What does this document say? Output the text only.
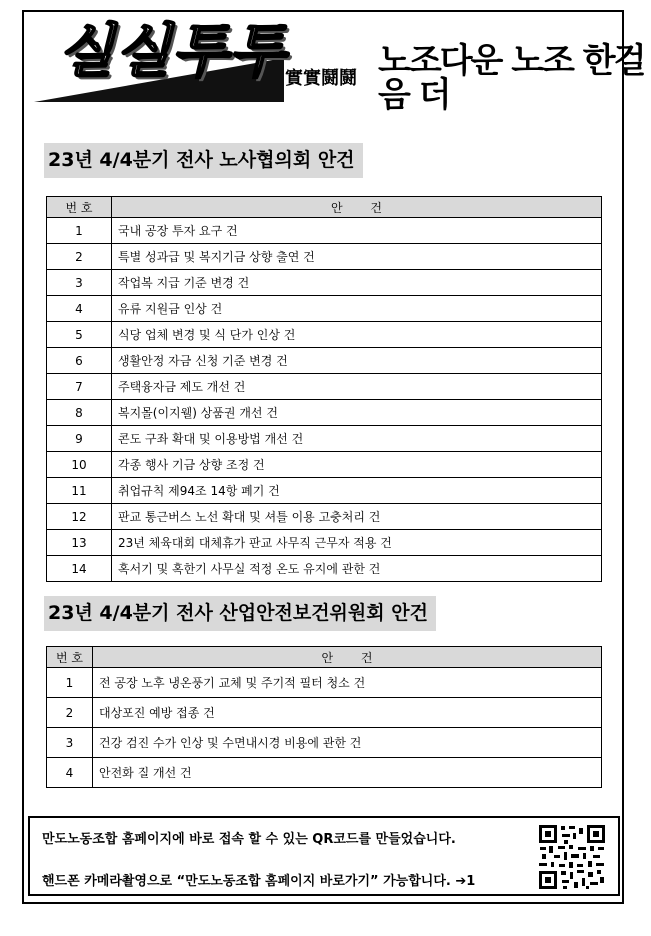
실실투투
實實鬪鬪 노조다운 노조 한걸음 더
23년 4/4분기 전사 노사협의회 안건
번 호	안 건
1	국내 공장 투자 요구 건
2	특별 성과급 및 복지기금 상향 출연 건
3	작업복 지급 기준 변경 건
4	유류 지원금 인상 건
5	식당 업체 변경 및 식 단가 인상 건
6	생활안정 자금 신청 기준 변경 건
7	주택융자금 제도 개선 건
8	복지몰(이지웰) 상품권 개선 건
9	콘도 구좌 확대 및 이용방법 개선 건
10	각종 행사 기금 상향 조정 건
11	취업규칙 제94조 14항 폐기 건
12	판교 통근버스 노선 확대 및 셔틀 이용 고충처리 건
13	23년 체육대회 대체휴가 판교 사무직 근무자 적용 건
14	혹서기 및 혹한기 사무실 적정 온도 유지에 관한 건
23년 4/4분기 전사 산업안전보건위원회 안건
번 호	안 건
1	전 공장 노후 냉온풍기 교체 및 주기적 필터 청소 건
2	대상포진 예방 접종 건
3	건강 검진 수가 인상 및 수면내시경 비용에 관한 건
4	안전화 질 개선 건
만도노동조합 홈페이지에 바로 접속 할 수 있는 QR코드를 만들었습니다.
핸드폰 카메라촬영으로 “만도노동조합 홈페이지 바로가기” 가능합니다. ➔1
